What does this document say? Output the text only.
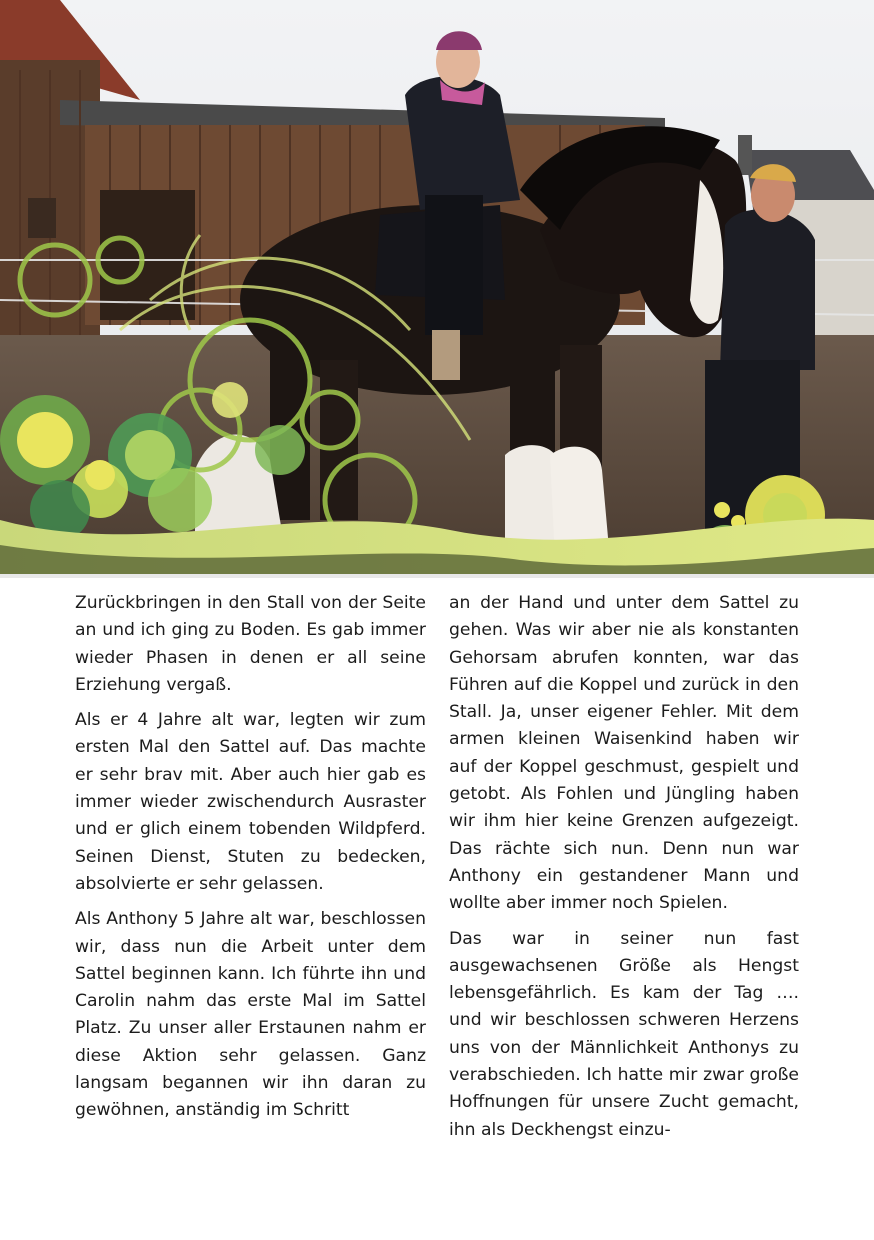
Zurückbringen in den Stall von der Seite an und ich ging zu Boden. Es gab immer wieder Phasen in denen er all seine Erziehung vergaß.

Als er 4 Jahre alt war, legten wir zum ersten Mal den Sattel auf. Das machte er sehr brav mit. Aber auch hier gab es immer wieder zwischendurch Ausraster und er glich einem tobenden Wildpferd. Seinen Dienst, Stuten zu bedecken, absolvierte er sehr gelassen.

Als Anthony 5 Jahre alt war, beschlossen wir, dass nun die Arbeit unter dem Sattel beginnen kann. Ich führte ihn und Carolin nahm das erste Mal im Sattel Platz. Zu unser aller Erstaunen nahm er diese Aktion sehr gelassen. Ganz langsam begannen wir ihn daran zu gewöhnen, anständig im Schritt

an der Hand und unter dem Sattel zu gehen. Was wir aber nie als konstanten Gehorsam abrufen konnten, war das Führen auf die Koppel und zurück in den Stall. Ja, unser eigener Fehler. Mit dem armen kleinen Waisenkind haben wir auf der Koppel geschmust, gespielt und getobt. Als Fohlen und Jüngling haben wir ihm hier keine Grenzen aufgezeigt. Das rächte sich nun. Denn nun war Anthony ein gestandener Mann und wollte aber immer noch Spielen.

Das war in seiner nun fast ausgewachsenen Größe als Hengst lebensgefährlich. Es kam der Tag …. und wir beschlossen schweren Herzens uns von der Männlichkeit Anthonys zu verabschieden. Ich hatte mir zwar große Hoffnungen für unsere Zucht gemacht, ihn als Deckhengst einzu-
